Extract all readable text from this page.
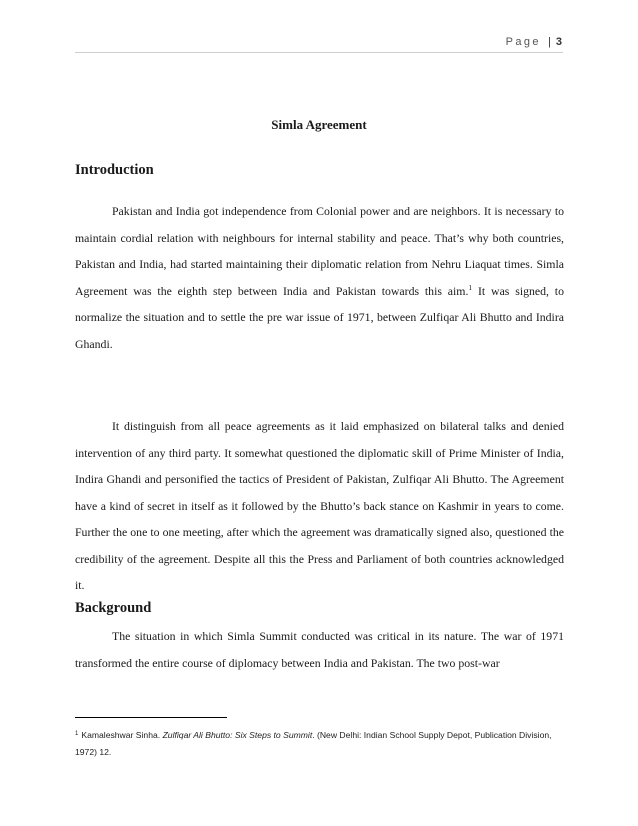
Page | 3
Simla Agreement
Introduction

Pakistan and India got independence from Colonial power and are neighbors. It is necessary to maintain cordial relation with neighbours for internal stability and peace. That’s why both countries, Pakistan and India, had started maintaining their diplomatic relation from Nehru Liaquat times. Simla Agreement was the eighth step between India and Pakistan towards this aim.$^1$ It was signed, to normalize the situation and to settle the pre war issue of 1971, between Zulfiqar Ali Bhutto and Indira Ghandi.

It distinguish from all peace agreements as it laid emphasized on bilateral talks and denied intervention of any third party. It somewhat questioned the diplomatic skill of Prime Minister of India, Indira Ghandi and personified the tactics of President of Pakistan, Zulfiqar Ali Bhutto. The Agreement have a kind of secret in itself as it followed by the Bhutto’s back stance on Kashmir in years to come. Further the one to one meeting, after which the agreement was dramatically signed also, questioned the credibility of the agreement. Despite all this the Press and Parliament of both countries acknowledged it.

Background

The situation in which Simla Summit conducted was critical in its nature. The war of 1971 transformed the entire course of diplomacy between India and Pakistan. The two post-war

$^1$ Kamaleshwar Sinha. Zulfiqar Ali Bhutto: Six Steps to Summit. (New Delhi: Indian School Supply Depot, Publication Division, 1972) 12.
